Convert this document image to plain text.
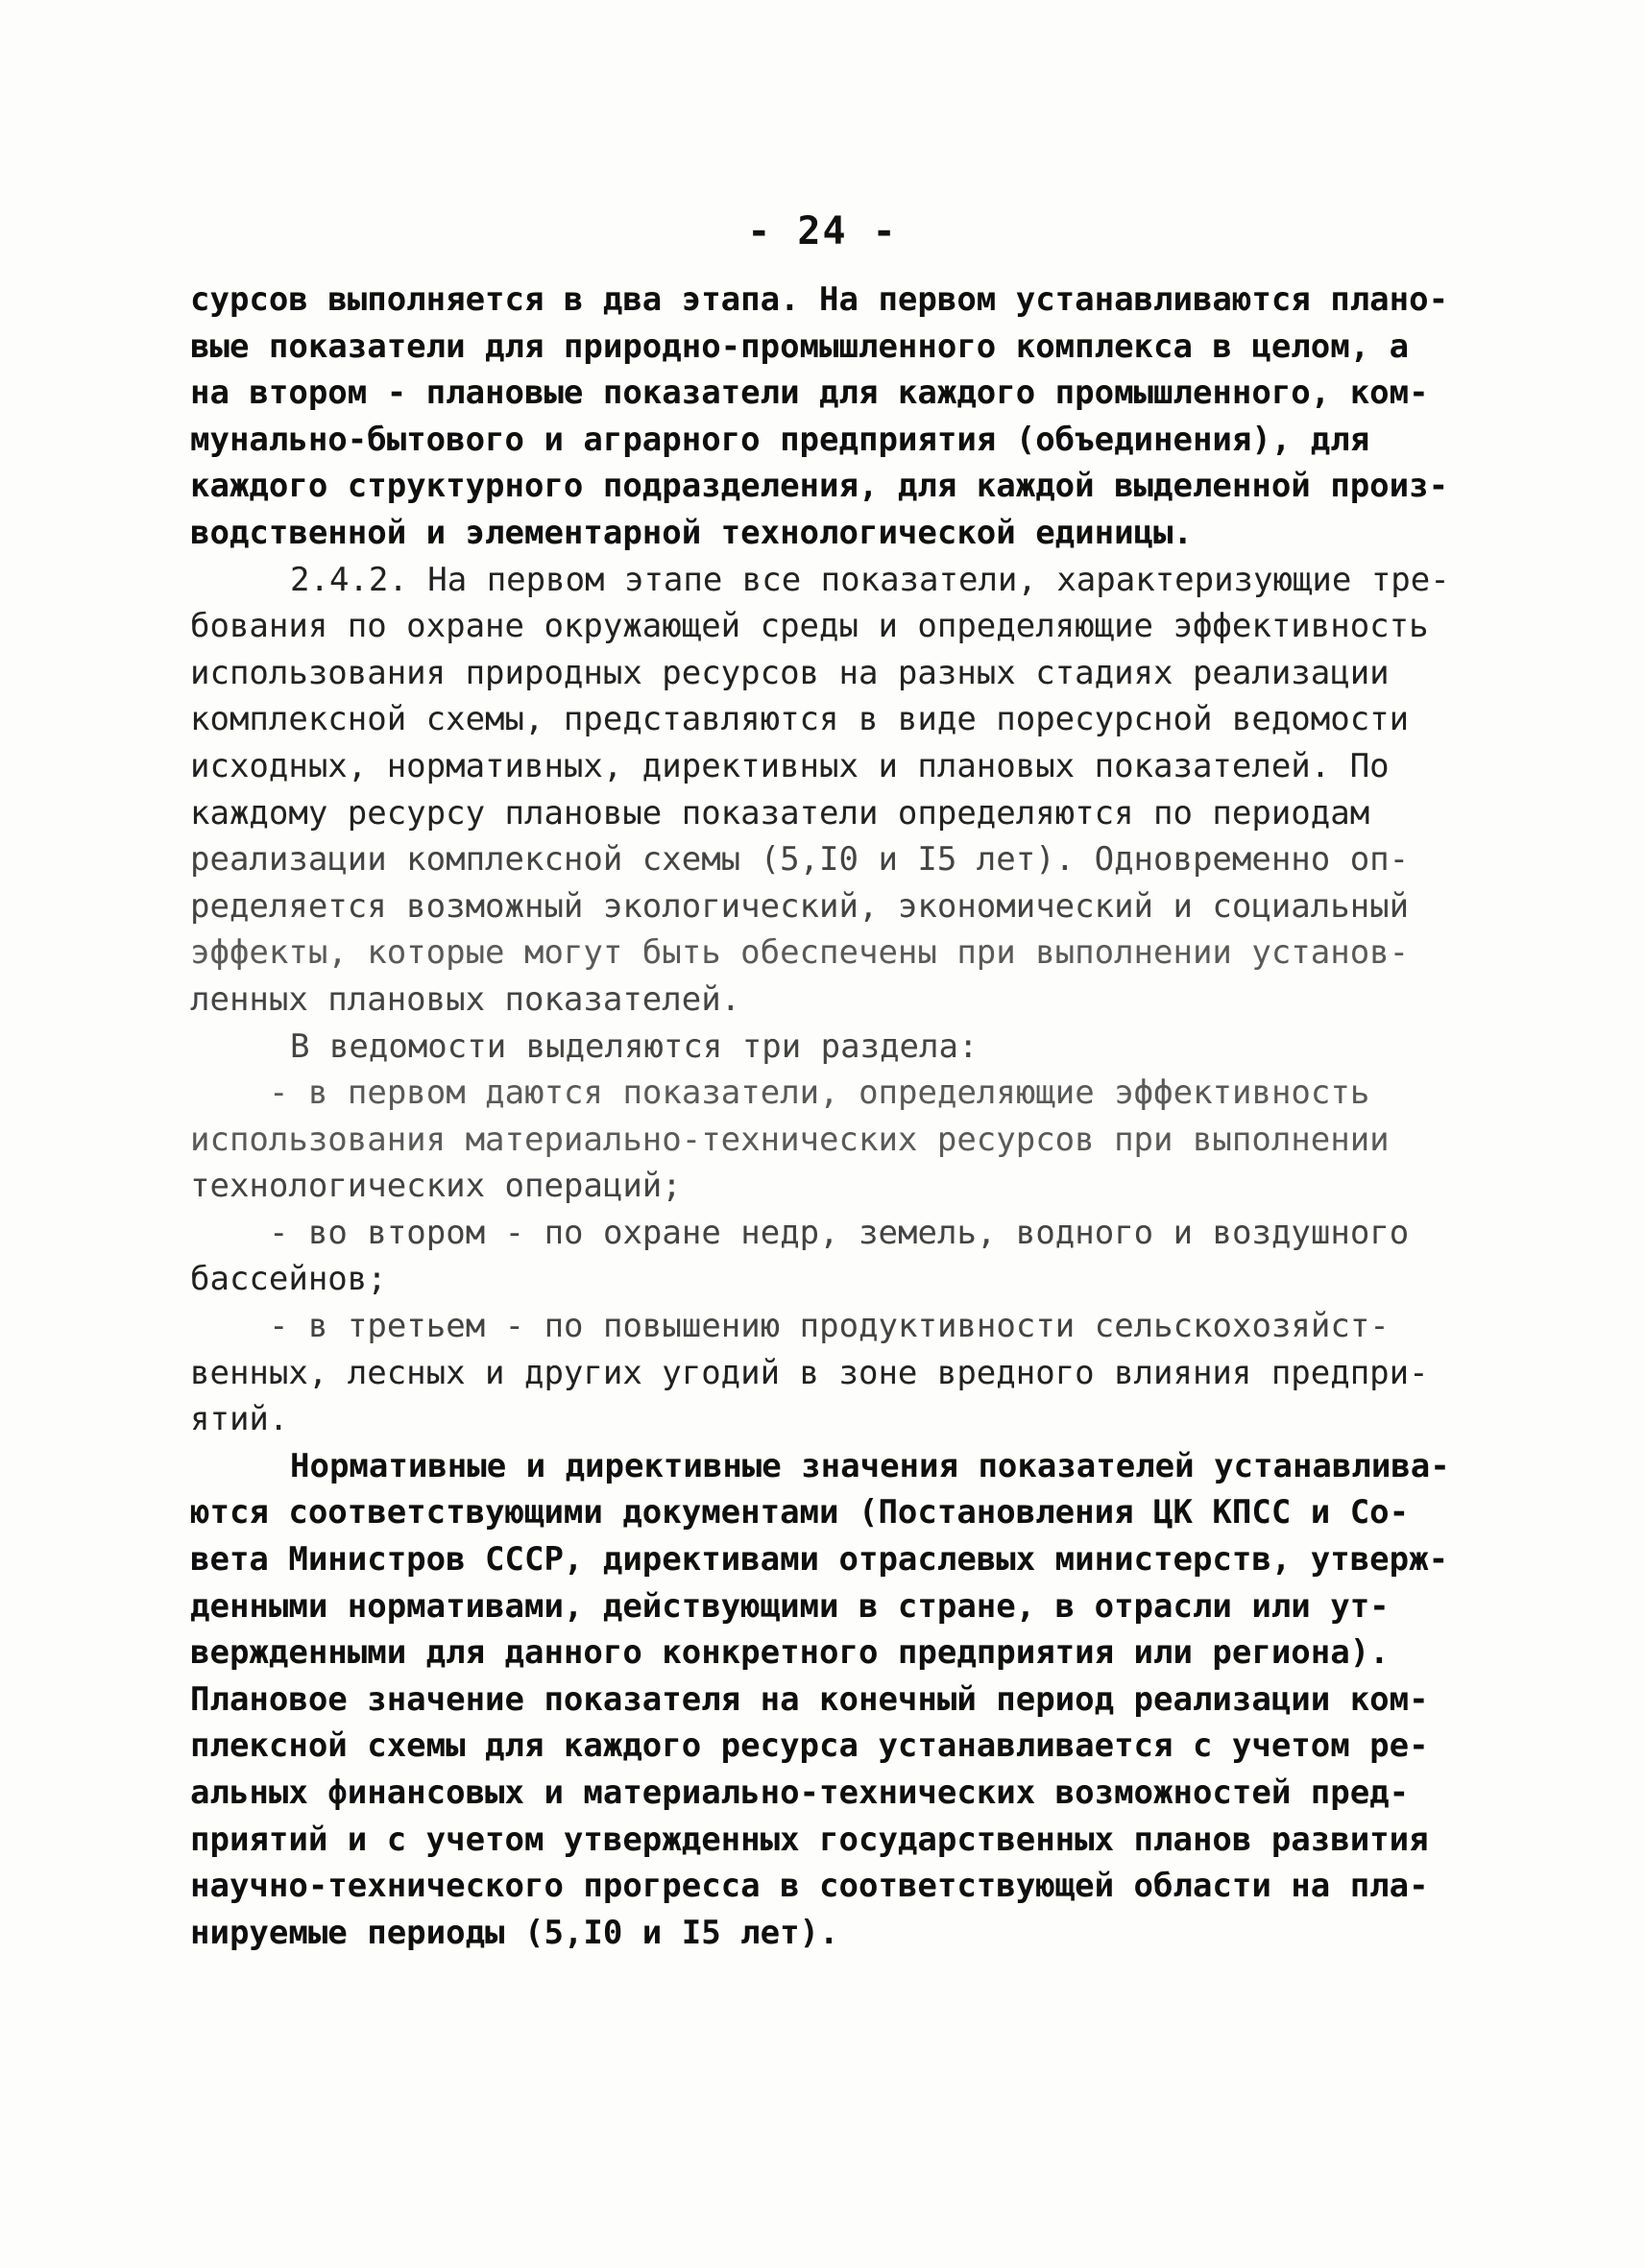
- 24 -
сурсов выполняется в два этапа. На первом устанавливаются плано-
вые показатели для природно-промышленного комплекса в целом, а
на втором - плановые показатели для каждого промышленного, ком-
мунально-бытового и аграрного предприятия (объединения), для
каждого структурного подразделения, для каждой выделенной произ-
водственной и элементарной технологической единицы.
2.4.2. На первом этапе все показатели, характеризующие тре-
бования по охране окружающей среды и определяющие эффективность
использования природных ресурсов на разных стадиях реализации
комплексной схемы, представляются в виде поресурсной ведомости
исходных, нормативных, директивных и плановых показателей. По
каждому ресурсу плановые показатели определяются по периодам
реализации комплексной схемы (5,I0 и I5 лет). Одновременно оп-
ределяется возможный экологический, экономический и социальный
эффекты, которые могут быть обеспечены при выполнении установ-
ленных плановых показателей.
В ведомости выделяются три раздела:
- в первом даются показатели, определяющие эффективность
использования материально-технических ресурсов при выполнении
технологических операций;
- во втором - по охране недр, земель, водного и воздушного
бассейнов;
- в третьем - по повышению продуктивности сельскохозяйст-
венных, лесных и других угодий в зоне вредного влияния предпри-
ятий.
Нормативные и директивные значения показателей устанавлива-
ются соответствующими документами (Постановления ЦК КПСС и Со-
вета Министров СССР, директивами отраслевых министерств, утверж-
денными нормативами, действующими в стране, в отрасли или ут-
вержденными для данного конкретного предприятия или региона).
Плановое значение показателя на конечный период реализации ком-
плексной схемы для каждого ресурса устанавливается с учетом ре-
альных финансовых и материально-технических возможностей пред-
приятий и с учетом утвержденных государственных планов развития
научно-технического прогресса в соответствующей области на пла-
нируемые периоды (5,I0 и I5 лет).
